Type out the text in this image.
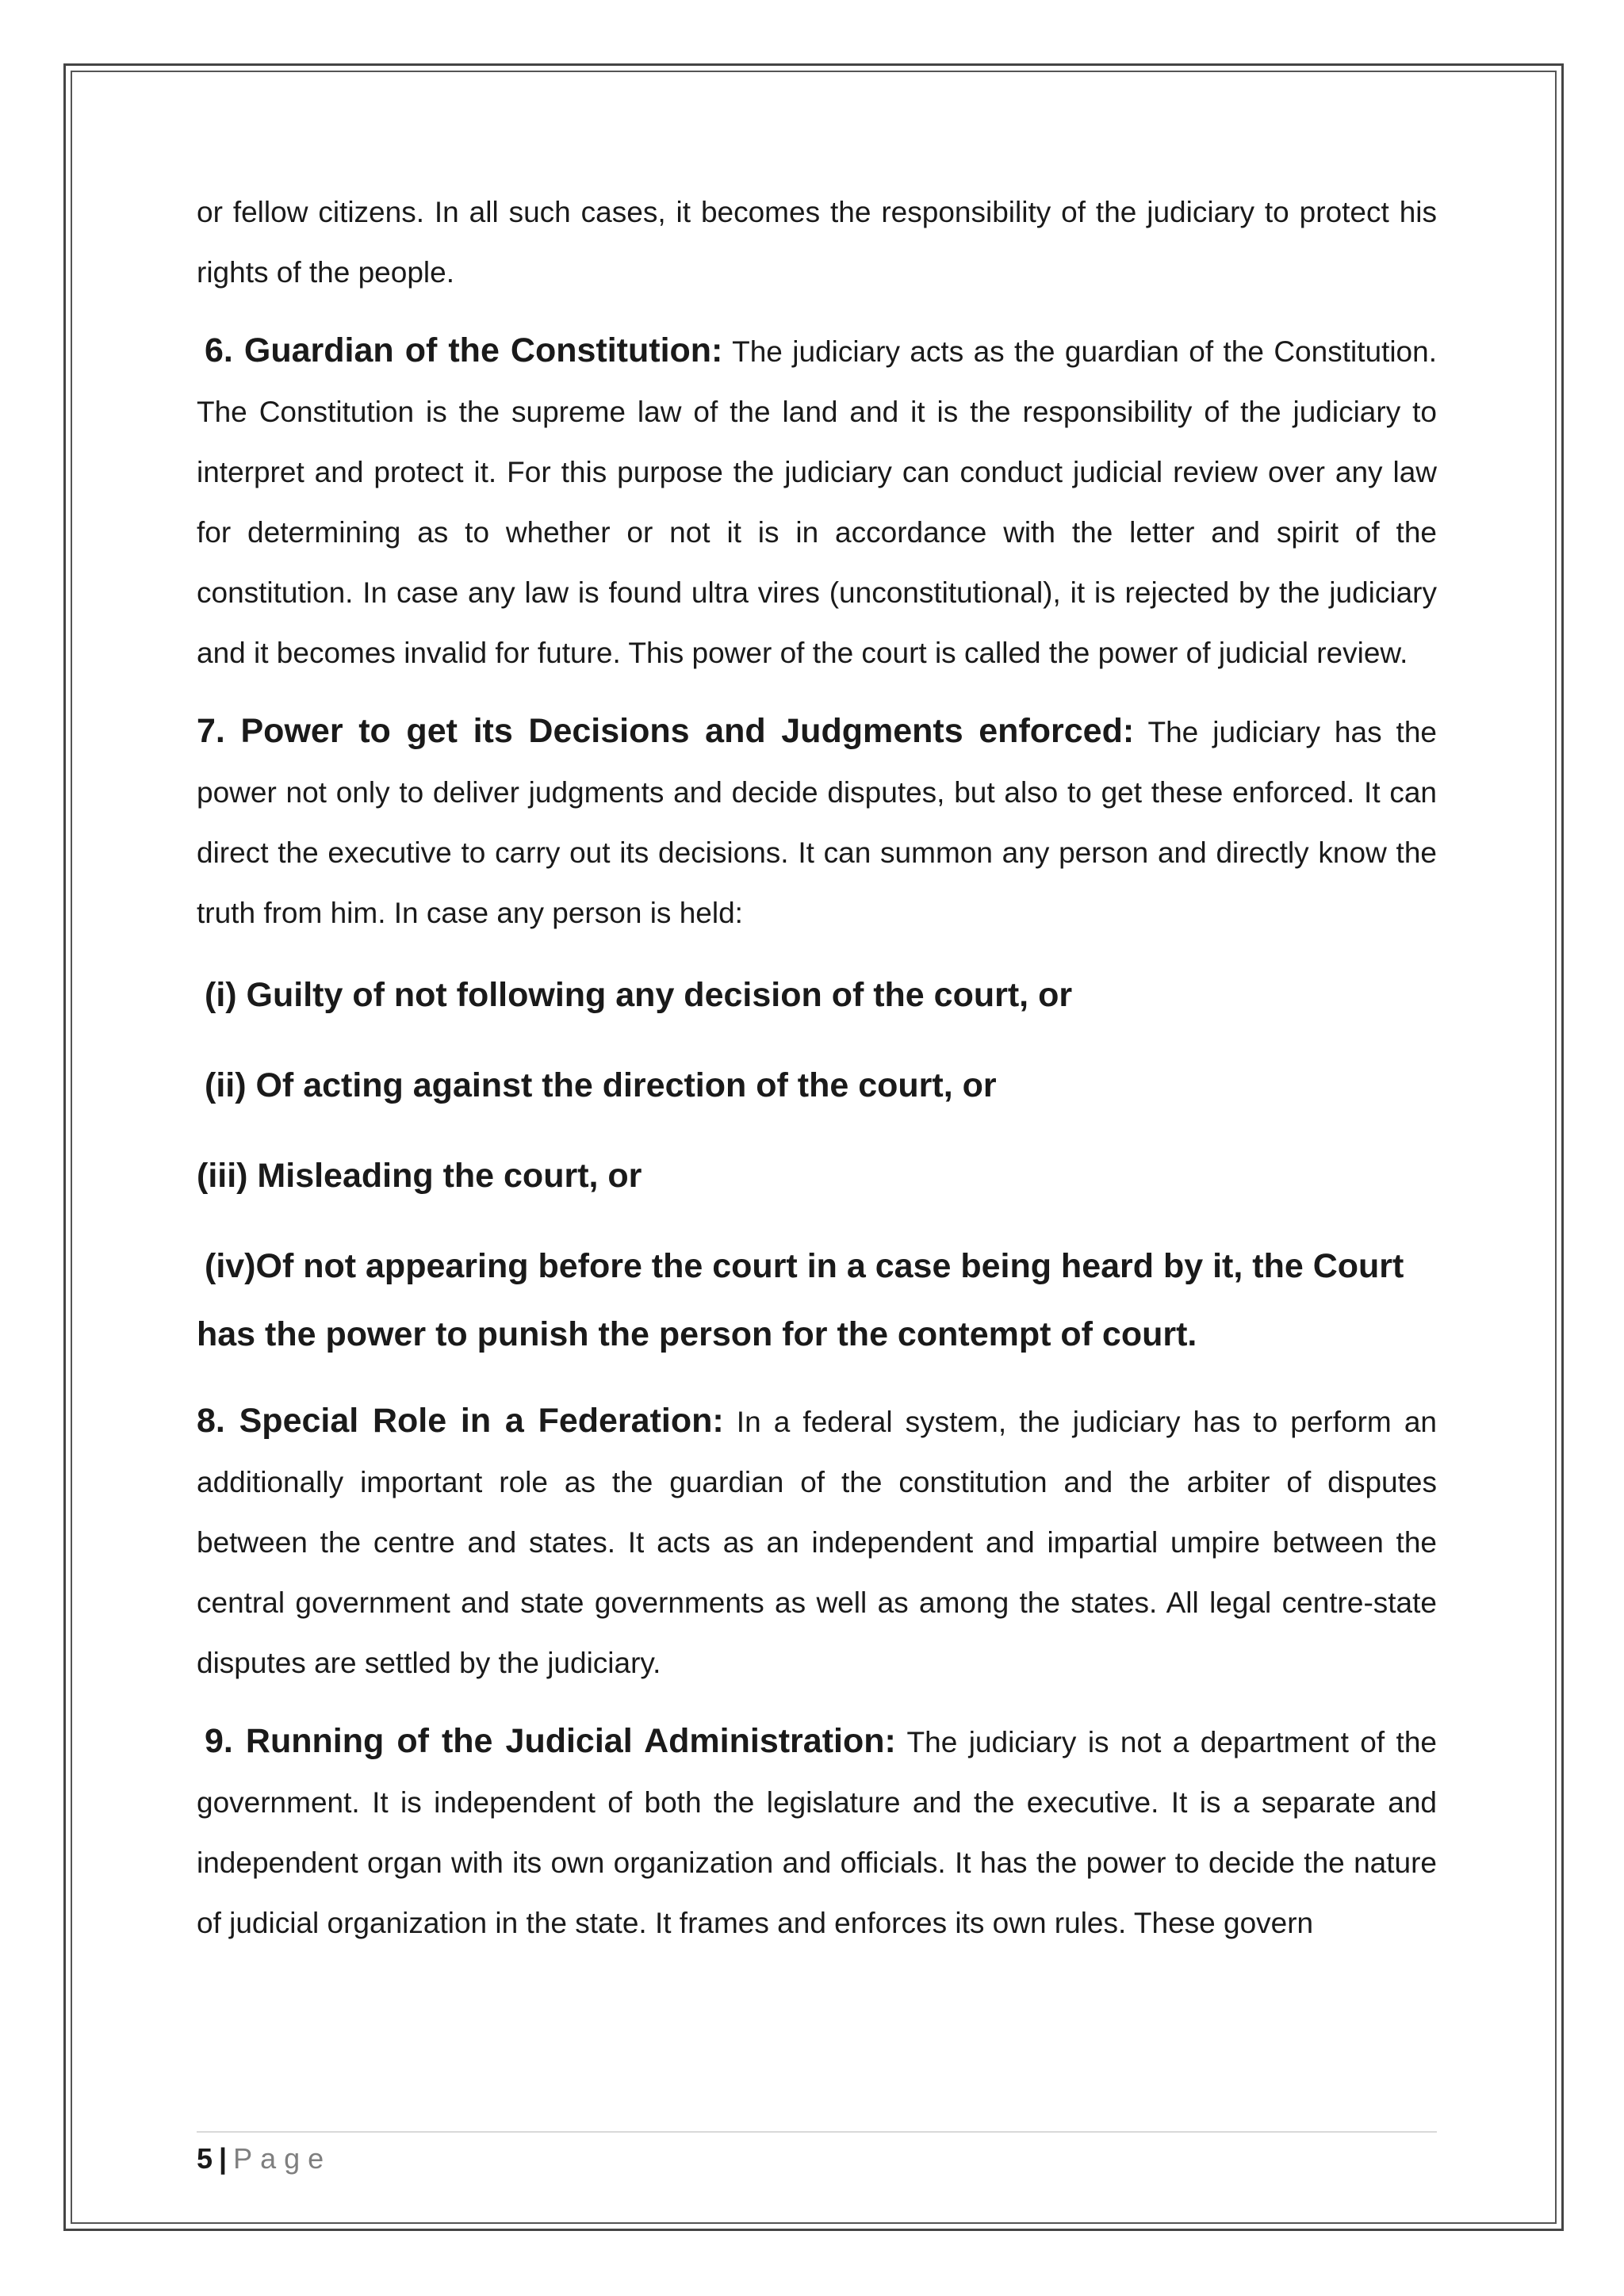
or fellow citizens. In all such cases, it becomes the responsibility of the judiciary to protect his rights of the people.

6. Guardian of the Constitution: The judiciary acts as the guardian of the Constitution. The Constitution is the supreme law of the land and it is the responsibility of the judiciary to interpret and protect it. For this purpose the judiciary can conduct judicial review over any law for determining as to whether or not it is in accordance with the letter and spirit of the constitution. In case any law is found ultra vires (unconstitutional), it is rejected by the judiciary and it becomes invalid for future. This power of the court is called the power of judicial review.

7. Power to get its Decisions and Judgments enforced: The judiciary has the power not only to deliver judgments and decide disputes, but also to get these enforced. It can direct the executive to carry out its decisions. It can summon any person and directly know the truth from him. In case any person is held:

(i) Guilty of not following any decision of the court, or

(ii) Of acting against the direction of the court, or

(iii) Misleading the court, or

(iv)Of not appearing before the court in a case being heard by it, the Court has the power to punish the person for the contempt of court.

8. Special Role in a Federation: In a federal system, the judiciary has to perform an additionally important role as the guardian of the constitution and the arbiter of disputes between the centre and states. It acts as an independent and impartial umpire between the central government and state governments as well as among the states. All legal centre-state disputes are settled by the judiciary.

9. Running of the Judicial Administration: The judiciary is not a department of the government. It is independent of both the legislature and the executive. It is a separate and independent organ with its own organization and officials. It has the power to decide the nature of judicial organization in the state. It frames and enforces its own rules. These govern

5 | Page
